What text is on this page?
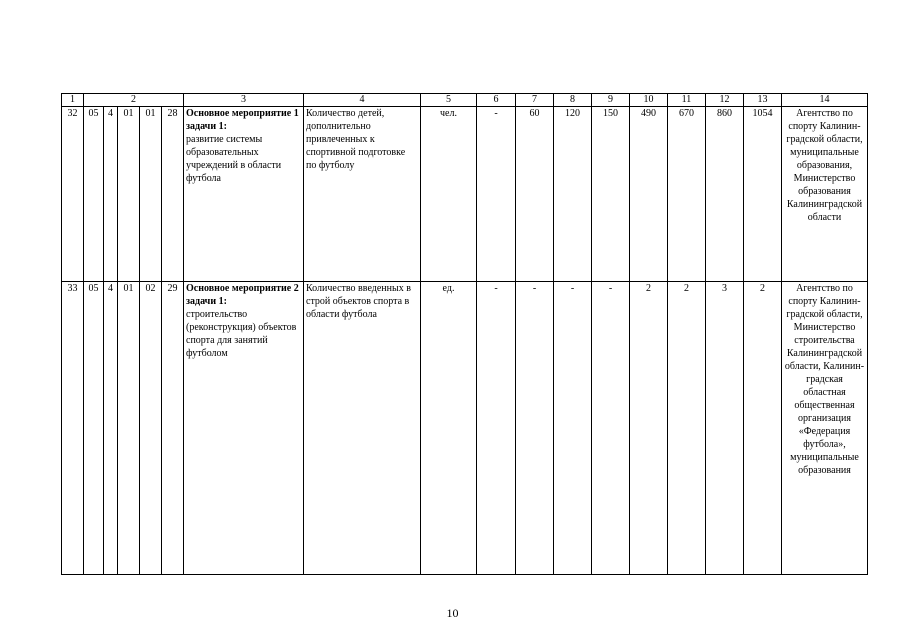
1	2					3	4	5	6	7	8	9	10	11	12	13	14
32	05	4	01	01	28	Основное мероприятие 1 задачи 1:
развитие системы образовательных учреждений в области футбола	Количество детей, дополнительно привлеченных к спортивной подготовке по футболу	чел.	-	60	120	150	490	670	860	1054	Агентство по спорту Калининградской области, муниципальные образования, Министерство образования Калининградской области
33	05	4	01	02	29	Основное мероприятие 2 задачи 1:
строительство (реконструкция) объектов спорта для занятий футболом	Количество введенных в строй объектов спорта в области футбола	ед.	-	-	-	-	2	2	3	2	Агентство по спорту Калининградской области, Министерство строительства Калининградской области, Калининградская областная общественная организация «Федерация футбола», муниципальные образования
10
